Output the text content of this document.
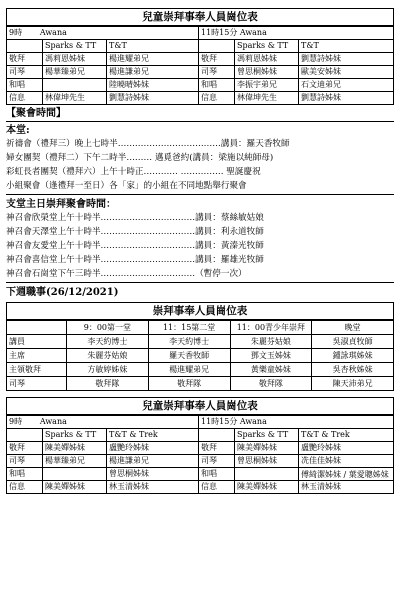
兒童崇拜事奉人員崗位表					
9時 Awana			11時15分 Awana		
	Sparks & TT	T&T		Sparks & TT	T&T
敬拜	馮莉恩姊妹	楊進耀弟兄	敬拜	馮莉恩姊妹	劉慧詩姊妹
司琴	楊華臻弟兄	楊進謙弟兄	司琴	曾思桐姊妹	歐美安姊妹
和唱		陸曉晴姊妹	和唱	李振宇弟兄	石文迪弟兄
信息	林偉坤先生	劉慧詩姊妹	信息	林偉坤先生	劉慧詩姊妹
【聚會時間】
本堂:
祈禱會（禮拜三）晚上七時半………………………………講員：羅天香牧師
婦女團契（禮拜二）下午二時半……… 邁覓爸約(講員：梁施以純師母)
彩虹長者團契（禮拜六）上午十時正………… …………… 聖誕慶祝
小組聚會（逢禮拜一至日）各「家」的小組在不同地點舉行聚會
支堂主日崇拜聚會時間：
神召會欣榮堂上午十時半……………………………講員：蔡絲敏姑娘
神召會天澤堂上午十時半……………………………講員：利永道牧師
神召會友愛堂上午十時半……………………………講員：黃溱光牧師
神召會喜信堂上午十時半……………………………講員：羅雄光牧師
神召會石崗堂下午三時半……………………………（暫停一次）
下週職事(26/12/2021)
崇拜事奉人員崗位表				
	9：00第一堂	11：15第二堂	11：00青少年崇拜	晚堂
講員	李天約博士	李天約博士	朱麗芬姑娘	吳淑貞牧師
主席	朱麗芬姑娘	羅天香牧師	鄧文玉姊妹	鍾詠琪姊妹
主領敬拜	方敏婷姊妹	楊進耀弟兄	黃樂童姊妹	吳杏秋姊妹
司琴	敬拜隊	敬拜隊	敬拜隊	陳天沛弟兄
兒童崇拜事奉人員崗位表					
9時 Awana			11時15分 Awana		
	Sparks & TT	T&T & Trek		Sparks & TT	T&T & Trek
敬拜	陳美嬋姊妹	盧艷玲姊妹	敬拜	陳美嬋姊妹	盧艷玲姊妹
司琴	楊華臻弟兄	楊進謙弟兄	司琴	曾思桐姊妹	冼佳佳姊妹
和唱		曾思桐姊妹	和唱		傅綺潔姊妹 / 葉愛聰姊妹
信息	陳美嬋姊妹	林玉清姊妹	信息	陳美嬋姊妹	林玉清姊妹
